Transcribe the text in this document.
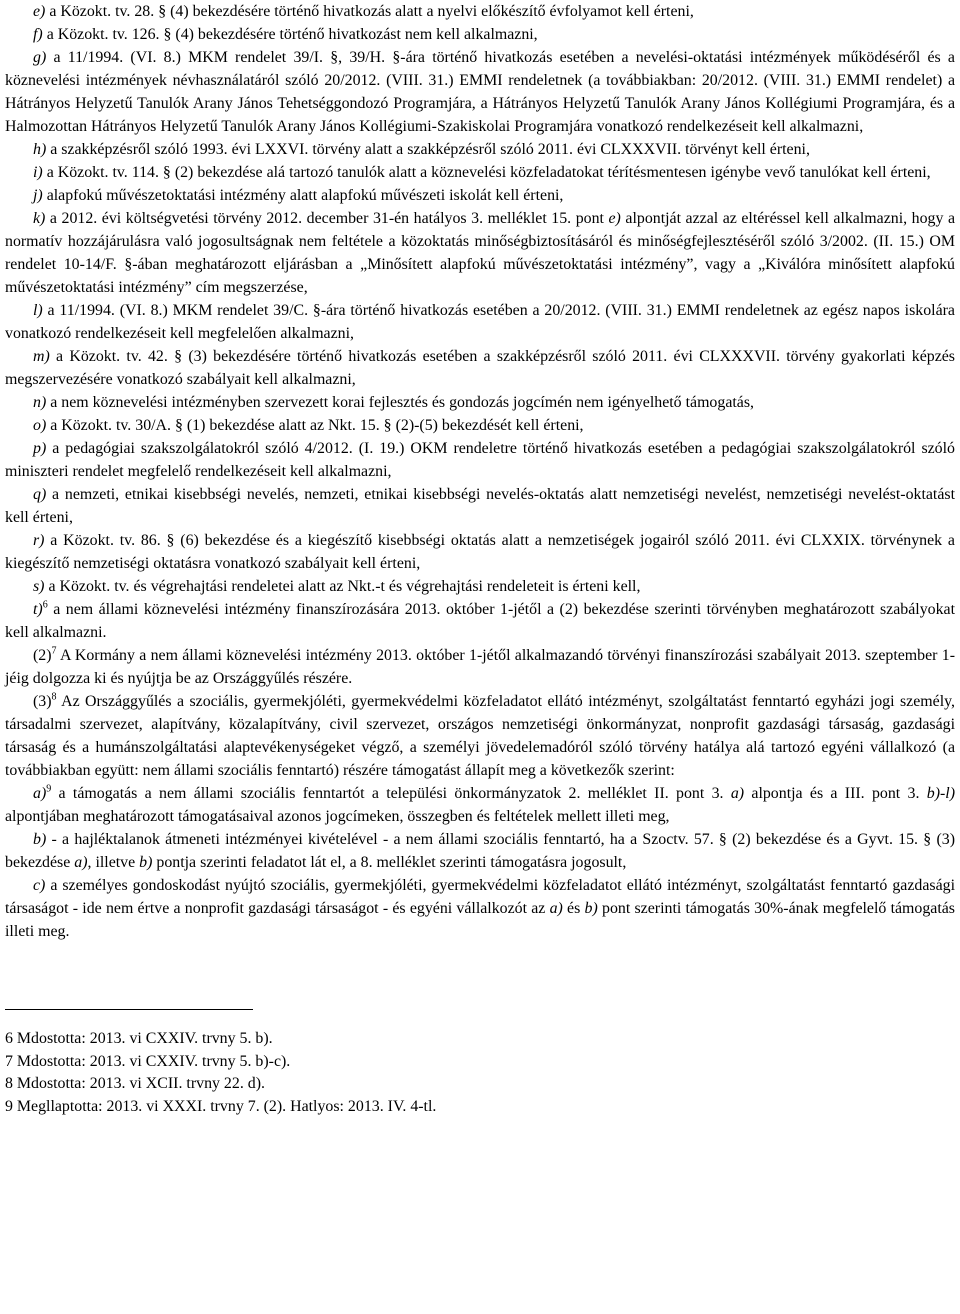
e) a Közokt. tv. 28. § (4) bekezdésére történő hivatkozás alatt a nyelvi előkészítő évfolyamot kell érteni,

f) a Közokt. tv. 126. § (4) bekezdésére történő hivatkozást nem kell alkalmazni,

g) a 11/1994. (VI. 8.) MKM rendelet 39/I. §, 39/H. §-ára történő hivatkozás esetében a nevelési-oktatási intézmények működéséről és a köznevelési intézmények névhasználatáról szóló 20/2012. (VIII. 31.) EMMI rendeletnek (a továbbiakban: 20/2012. (VIII. 31.) EMMI rendelet) a Hátrányos Helyzetű Tanulók Arany János Tehetséggondozó Programjára, a Hátrányos Helyzetű Tanulók Arany János Kollégiumi Programjára, és a Halmozottan Hátrányos Helyzetű Tanulók Arany János Kollégiumi-Szakiskolai Programjára vonatkozó rendelkezéseit kell alkalmazni,

h) a szakképzésről szóló 1993. évi LXXVI. törvény alatt a szakképzésről szóló 2011. évi CLXXXVII. törvényt kell érteni,

i) a Közokt. tv. 114. § (2) bekezdése alá tartozó tanulók alatt a köznevelési közfeladatokat térítésmentesen igénybe vevő tanulókat kell érteni,

j) alapfokú művészetoktatási intézmény alatt alapfokú művészeti iskolát kell érteni,

k) a 2012. évi költségvetési törvény 2012. december 31-én hatályos 3. melléklet 15. pont e) alpontját azzal az eltéréssel kell alkalmazni, hogy a normatív hozzájárulásra való jogosultságnak nem feltétele a közoktatás minőségbiztosításáról és minőségfejlesztéséről szóló 3/2002. (II. 15.) OM rendelet 10-14/F. §-ában meghatározott eljárásban a „Minősített alapfokú művészetoktatási intézmény”, vagy a „Kiválóra minősített alapfokú művészetoktatási intézmény” cím megszerzése,

l) a 11/1994. (VI. 8.) MKM rendelet 39/C. §-ára történő hivatkozás esetében a 20/2012. (VIII. 31.) EMMI rendeletnek az egész napos iskolára vonatkozó rendelkezéseit kell megfelelően alkalmazni,

m) a Közokt. tv. 42. § (3) bekezdésére történő hivatkozás esetében a szakképzésről szóló 2011. évi CLXXXVII. törvény gyakorlati képzés megszervezésére vonatkozó szabályait kell alkalmazni,

n) a nem köznevelési intézményben szervezett korai fejlesztés és gondozás jogcímén nem igényelhető támogatás,

o) a Közokt. tv. 30/A. § (1) bekezdése alatt az Nkt. 15. § (2)-(5) bekezdését kell érteni,

p) a pedagógiai szakszolgálatokról szóló 4/2012. (I. 19.) OKM rendeletre történő hivatkozás esetében a pedagógiai szakszolgálatokról szóló miniszteri rendelet megfelelő rendelkezéseit kell alkalmazni,

q) a nemzeti, etnikai kisebbségi nevelés, nemzeti, etnikai kisebbségi nevelés-oktatás alatt nemzetiségi nevelést, nemzetiségi nevelést-oktatást kell érteni,

r) a Közokt. tv. 86. § (6) bekezdése és a kiegészítő kisebbségi oktatás alatt a nemzetiségek jogairól szóló 2011. évi CLXXIX. törvénynek a kiegészítő nemzetiségi oktatásra vonatkozó szabályait kell érteni,

s) a Közokt. tv. és végrehajtási rendeletei alatt az Nkt.-t és végrehajtási rendeleteit is érteni kell,

t)$^6$ a nem állami köznevelési intézmény finanszírozására 2013. október 1-jétől a (2) bekezdése szerinti törvényben meghatározott szabályokat kell alkalmazni.

$(2)^7$ A Kormány a nem állami köznevelési intézmény 2013. október 1-jétől alkalmazandó törvényi finanszírozási szabályait 2013. szeptember 1-jéig dolgozza ki és nyújtja be az Országgyűlés részére.

$(3)^8$ Az Országgyűlés a szociális, gyermekjóléti, gyermekvédelmi közfeladatot ellátó intézményt, szolgáltatást fenntartó egyházi jogi személy, társadalmi szervezet, alapítvány, közalapítvány, civil szervezet, országos nemzetiségi önkormányzat, nonprofit gazdasági társaság, gazdasági társaság és a humánszolgáltatási alaptevékenységeket végző, a személyi jövedelemadóról szóló törvény hatálya alá tartozó egyéni vállalkozó (a továbbiakban együtt: nem állami szociális fenntartó) részére támogatást állapít meg a következők szerint:

a)$^9$ a támogatás a nem állami szociális fenntartót a települési önkormányzatok 2. melléklet II. pont 3. a) alpontja és a III. pont 3. b)-l) alpontjában meghatározott támogatásaival azonos jogcímeken, összegben és feltételek mellett illeti meg,

b) - a hajléktalanok átmeneti intézményei kivételével - a nem állami szociális fenntartó, ha a Szoctv. 57. § (2) bekezdése és a Gyvt. 15. § (3) bekezdése a), illetve b) pontja szerinti feladatot lát el, a 8. melléklet szerinti támogatásra jogosult,

c) a személyes gondoskodást nyújtó szociális, gyermekjóléti, gyermekvédelmi közfeladatot ellátó intézményt, szolgáltatást fenntartó gazdasági társaságot - ide nem értve a nonprofit gazdasági társaságot - és egyéni vállalkozót az a) és b) pont szerinti támogatás 30%-ának megfelelő támogatás illeti meg.

6 Mdostotta: 2013. vi CXXIV. trvny 5. b).

7 Mdostotta: 2013. vi CXXIV. trvny 5. b)-c).

8 Mdostotta: 2013. vi XCII. trvny 22. d).

9 Megllaptotta: 2013. vi XXXI. trvny 7. (2). Hatlyos: 2013. IV. 4-tl.
